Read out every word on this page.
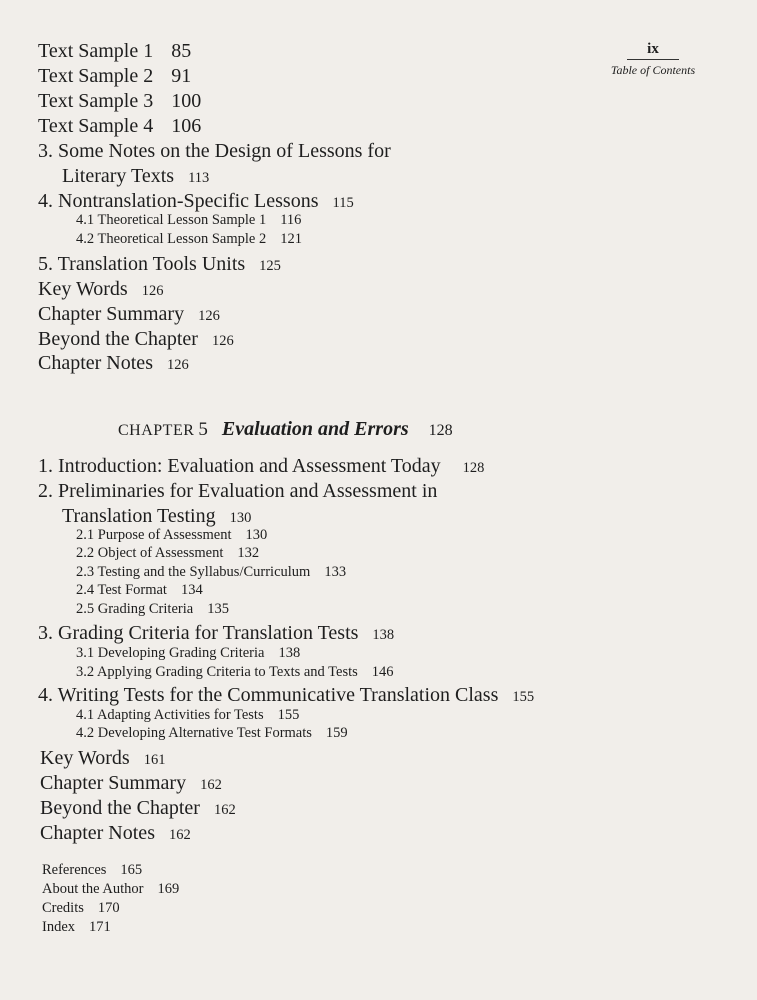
ix
Table of Contents
Text Sample 1 85
Text Sample 2 91
Text Sample 3 100
Text Sample 4 106
3. Some Notes on the Design of Lessons for
Literary Texts 113
4. Nontranslation-Specific Lessons 115
4.1 Theoretical Lesson Sample 1 116
4.2 Theoretical Lesson Sample 2 121
5. Translation Tools Units 125
Key Words 126
Chapter Summary 126
Beyond the Chapter 126
Chapter Notes 126
CHAPTER 5 Evaluation and Errors 128
1. Introduction: Evaluation and Assessment Today 128
2. Preliminaries for Evaluation and Assessment in
Translation Testing 130
2.1 Purpose of Assessment 130
2.2 Object of Assessment 132
2.3 Testing and the Syllabus/Curriculum 133
2.4 Test Format 134
2.5 Grading Criteria 135
3. Grading Criteria for Translation Tests 138
3.1 Developing Grading Criteria 138
3.2 Applying Grading Criteria to Texts and Tests 146
4. Writing Tests for the Communicative Translation Class 155
4.1 Adapting Activities for Tests 155
4.2 Developing Alternative Test Formats 159
Key Words 161
Chapter Summary 162
Beyond the Chapter 162
Chapter Notes 162
References 165
About the Author 169
Credits 170
Index 171
